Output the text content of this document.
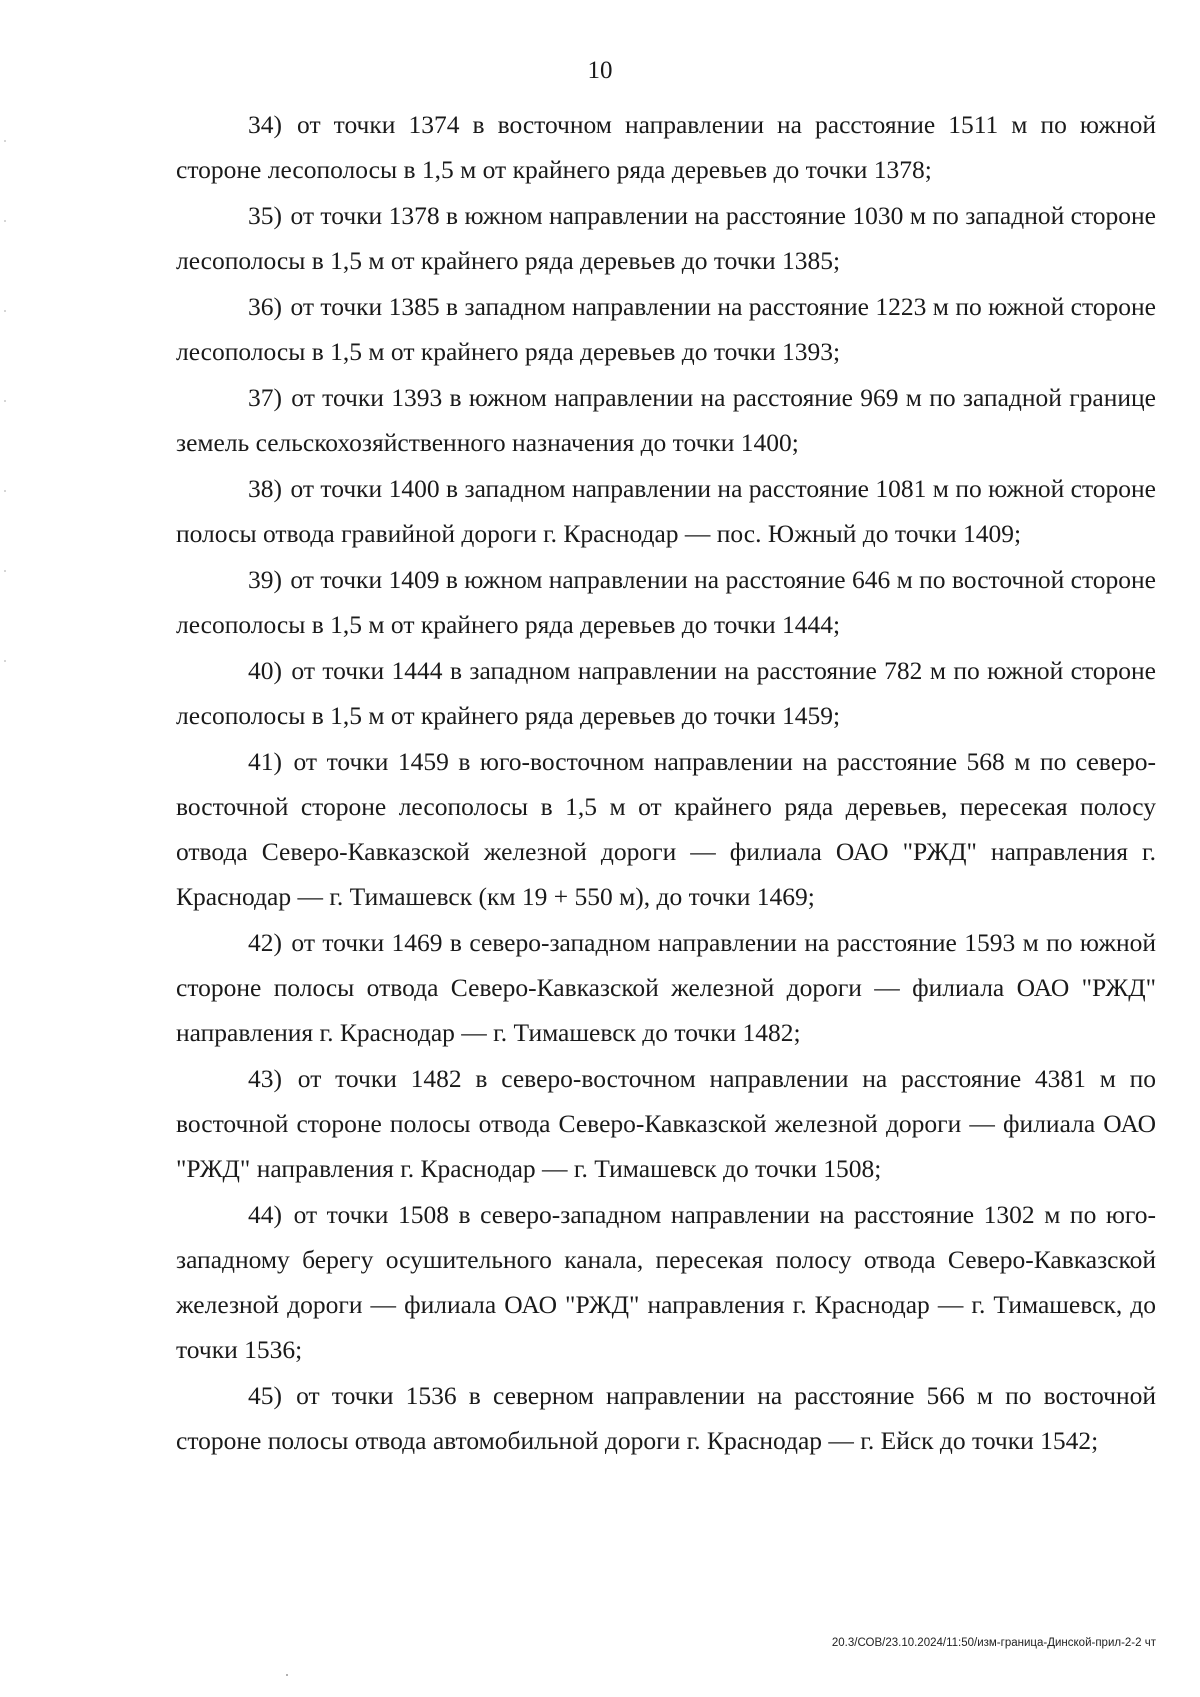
10

34) от точки 1374 в восточном направлении на расстояние 1511 м по южной стороне лесополосы в 1,5 м от крайнего ряда деревьев до точки 1378;

35) от точки 1378 в южном направлении на расстояние 1030 м по западной стороне лесополосы в 1,5 м от крайнего ряда деревьев до точки 1385;

36) от точки 1385 в западном направлении на расстояние 1223 м по южной стороне лесополосы в 1,5 м от крайнего ряда деревьев до точки 1393;

37) от точки 1393 в южном направлении на расстояние 969 м по западной границе земель сельскохозяйственного назначения до точки 1400;

38) от точки 1400 в западном направлении на расстояние 1081 м по южной стороне полосы отвода гравийной дороги г. Краснодар — пос. Южный до точки 1409;

39) от точки 1409 в южном направлении на расстояние 646 м по восточной стороне лесополосы в 1,5 м от крайнего ряда деревьев до точки 1444;

40) от точки 1444 в западном направлении на расстояние 782 м по южной стороне лесополосы в 1,5 м от крайнего ряда деревьев до точки 1459;

41) от точки 1459 в юго-восточном направлении на расстояние 568 м по северо-восточной стороне лесополосы в 1,5 м от крайнего ряда деревьев, пересекая полосу отвода Северо-Кавказской железной дороги — филиала ОАО "РЖД" направления г. Краснодар — г. Тимашевск (км 19 + 550 м), до точки 1469;

42) от точки 1469 в северо-западном направлении на расстояние 1593 м по южной стороне полосы отвода Северо-Кавказской железной дороги — филиала ОАО "РЖД" направления г. Краснодар — г. Тимашевск до точки 1482;

43) от точки 1482 в северо-восточном направлении на расстояние 4381 м по восточной стороне полосы отвода Северо-Кавказской железной дороги — филиала ОАО "РЖД" направления г. Краснодар — г. Тимашевск до точки 1508;

44) от точки 1508 в северо-западном направлении на расстояние 1302 м по юго-западному берегу осушительного канала, пересекая полосу отвода Северо-Кавказской железной дороги — филиала ОАО "РЖД" направления г. Краснодар — г. Тимашевск, до точки 1536;

45) от точки 1536 в северном направлении на расстояние 566 м по восточной стороне полосы отвода автомобильной дороги г. Краснодар — г. Ейск до точки 1542;

20.3/СОВ/23.10.2024/11:50/изм-граница-Динской-прил-2-2 чт
